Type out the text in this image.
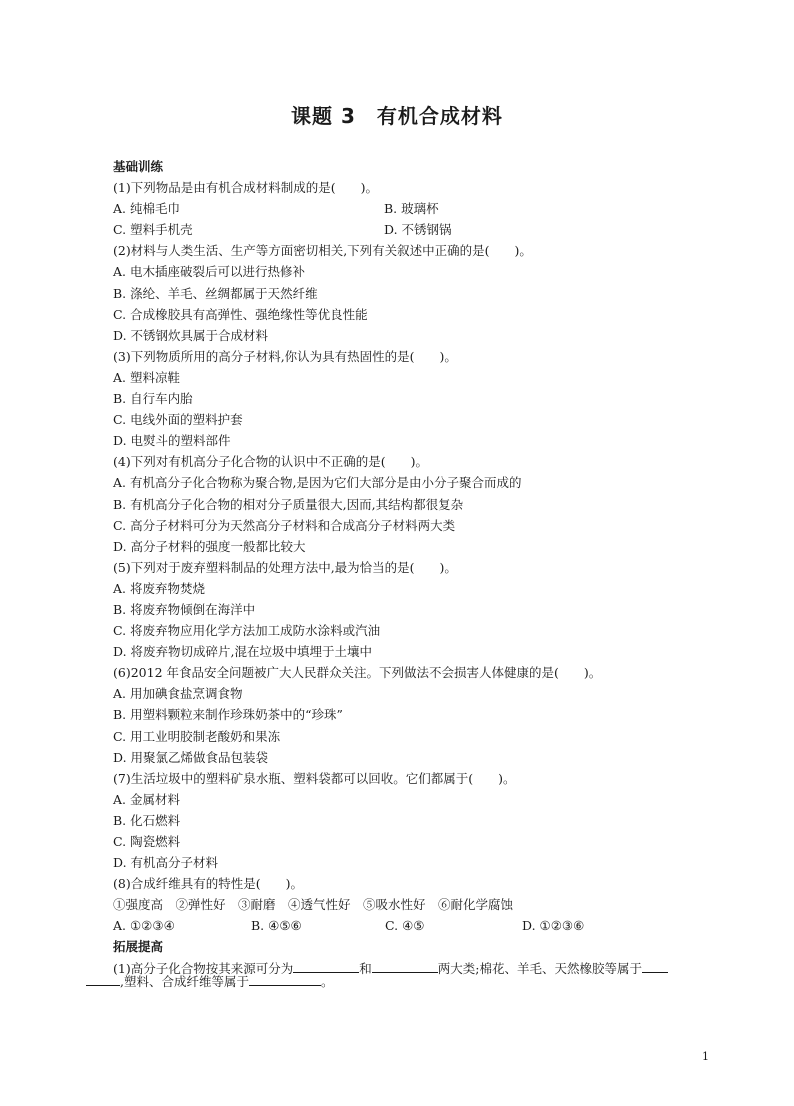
课题 3　有机合成材料
基础训练
(1)下列物品是由有机合成材料制成的是(　　)。
A. 纯棉毛巾	B. 玻璃杯
C. 塑料手机壳	D. 不锈钢锅
(2)材料与人类生活、生产等方面密切相关,下列有关叙述中正确的是(　　)。
A. 电木插座破裂后可以进行热修补
B. 涤纶、羊毛、丝绸都属于天然纤维
C. 合成橡胶具有高弹性、强绝缘性等优良性能
D. 不锈钢炊具属于合成材料
(3)下列物质所用的高分子材料,你认为具有热固性的是(　　)。
A. 塑料凉鞋
B. 自行车内胎
C. 电线外面的塑料护套
D. 电熨斗的塑料部件
(4)下列对有机高分子化合物的认识中不正确的是(　　)。
A. 有机高分子化合物称为聚合物,是因为它们大部分是由小分子聚合而成的
B. 有机高分子化合物的相对分子质量很大,因而,其结构都很复杂
C. 高分子材料可分为天然高分子材料和合成高分子材料两大类
D. 高分子材料的强度一般都比较大
(5)下列对于废弃塑料制品的处理方法中,最为恰当的是(　　)。
A. 将废弃物焚烧
B. 将废弃物倾倒在海洋中
C. 将废弃物应用化学方法加工成防水涂料或汽油
D. 将废弃物切成碎片,混在垃圾中填埋于土壤中
(6)2012 年食品安全问题被广大人民群众关注。下列做法不会损害人体健康的是(　　)。
A. 用加碘食盐烹调食物
B. 用塑料颗粒来制作珍珠奶茶中的“珍珠”
C. 用工业明胶制老酸奶和果冻
D. 用聚氯乙烯做食品包装袋
(7)生活垃圾中的塑料矿泉水瓶、塑料袋都可以回收。它们都属于(　　)。
A. 金属材料
B. 化石燃料
C. 陶瓷燃料
D. 有机高分子材料
(8)合成纤维具有的特性是(　　)。
①强度高　②弹性好　③耐磨　④透气性好　⑤吸水性好　⑥耐化学腐蚀
A. ①②③④	B. ④⑤⑥	C. ④⑤	D. ①②③⑥
拓展提高
(1)高分子化合物按其来源可分为	和	两大类;棉花、羊毛、天然橡胶等属于
,塑料、合成纤维等属于	。
1
